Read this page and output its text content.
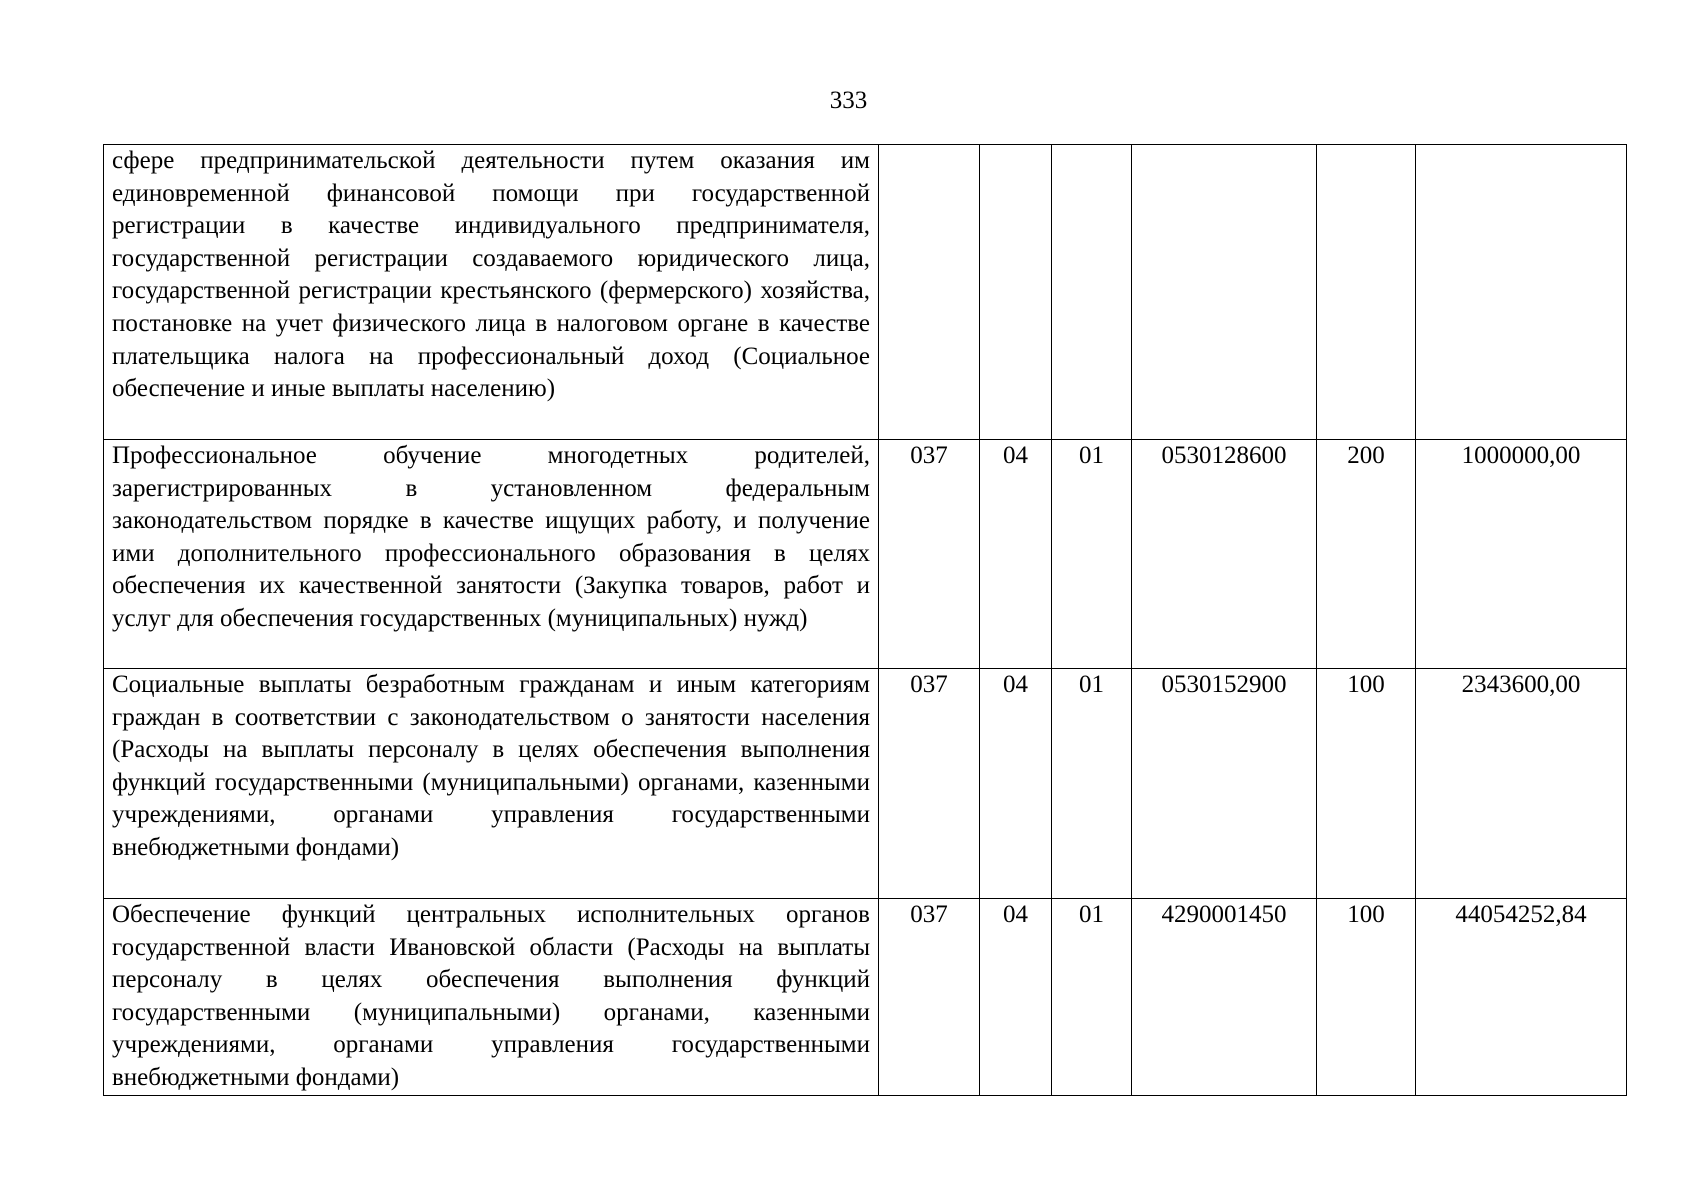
333
сфере предпринимательской деятельности путем оказания им единовременной финансовой помощи при государственной регистрации в качестве индивидуального предпринимателя, государственной регистрации создаваемого юридического лица, государственной регистрации крестьянского (фермерского) хозяйства, постановке на учет физического лица в налоговом органе в качестве плательщика налога на профессиональный доход (Социальное обеспечение и иные выплаты населению)						
Профессиональное обучение многодетных родителей, зарегистрированных в установленном федеральным законодательством порядке в качестве ищущих работу, и получение ими дополнительного профессионального образования в целях обеспечения их качественной занятости (Закупка товаров, работ и услуг для обеспечения государственных (муниципальных) нужд)	037	04	01	0530128600	200	1000000,00
Социальные выплаты безработным гражданам и иным категориям граждан в соответствии с законодательством о занятости населения (Расходы на выплаты персоналу в целях обеспечения выполнения функций государственными (муниципальными) органами, казенными учреждениями, органами управления государственными внебюджетными фондами)	037	04	01	0530152900	100	2343600,00
Обеспечение функций центральных исполнительных органов государственной власти Ивановской области (Расходы на выплаты персоналу в целях обеспечения выполнения функций государственными (муниципальными) органами, казенными учреждениями, органами управления государственными внебюджетными фондами)	037	04	01	4290001450	100	44054252,84
